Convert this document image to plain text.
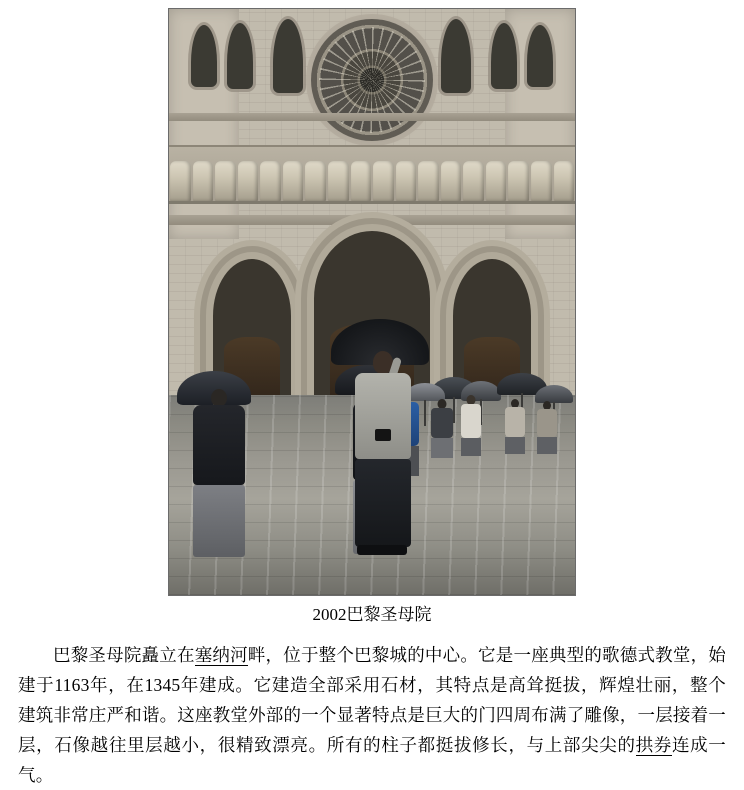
2002巴黎圣母院

巴黎圣母院矗立在塞纳河畔，位于整个巴黎城的中心。它是一座典型的歌德式教堂，始建于1163年，在1345年建成。它建造全部采用石材，其特点是高耸挺拔，辉煌壮丽，整个建筑非常庄严和谐。这座教堂外部的一个显著特点是巨大的门四周布满了雕像，一层接着一层，石像越往里层越小，很精致漂亮。所有的柱子都挺拔修长，与上部尖尖的拱券连成一气。
